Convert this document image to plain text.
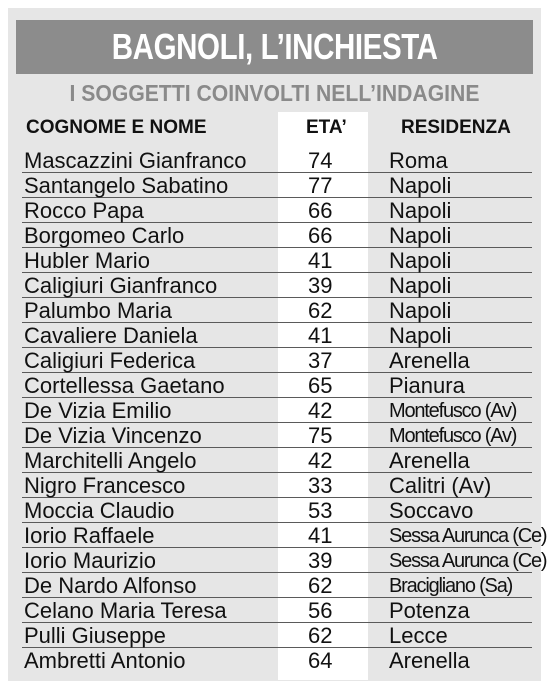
BAGNOLI, L’INCHIESTA
I SOGGETTI COINVOLTI NELL’INDAGINE
COGNOME E NOME	ETA’	RESIDENZA
Mascazzini Gianfranco	74	Roma
Santangelo Sabatino	77	Napoli
Rocco Papa	66	Napoli
Borgomeo Carlo	66	Napoli
Hubler Mario	41	Napoli
Caligiuri Gianfranco	39	Napoli
Palumbo Maria	62	Napoli
Cavaliere Daniela	41	Napoli
Caligiuri Federica	37	Arenella
Cortellessa Gaetano	65	Pianura
De Vizia Emilio	42	Montefusco (Av)
De Vizia Vincenzo	75	Montefusco (Av)
Marchitelli Angelo	42	Arenella
Nigro Francesco	33	Calitri (Av)
Moccia Claudio	53	Soccavo
Iorio Raffaele	41	Sessa Aurunca (Ce)
Iorio Maurizio	39	Sessa Aurunca (Ce)
De Nardo Alfonso	62	Bracigliano (Sa)
Celano Maria Teresa	56	Potenza
Pulli Giuseppe	62	Lecce
Ambretti Antonio	64	Arenella
